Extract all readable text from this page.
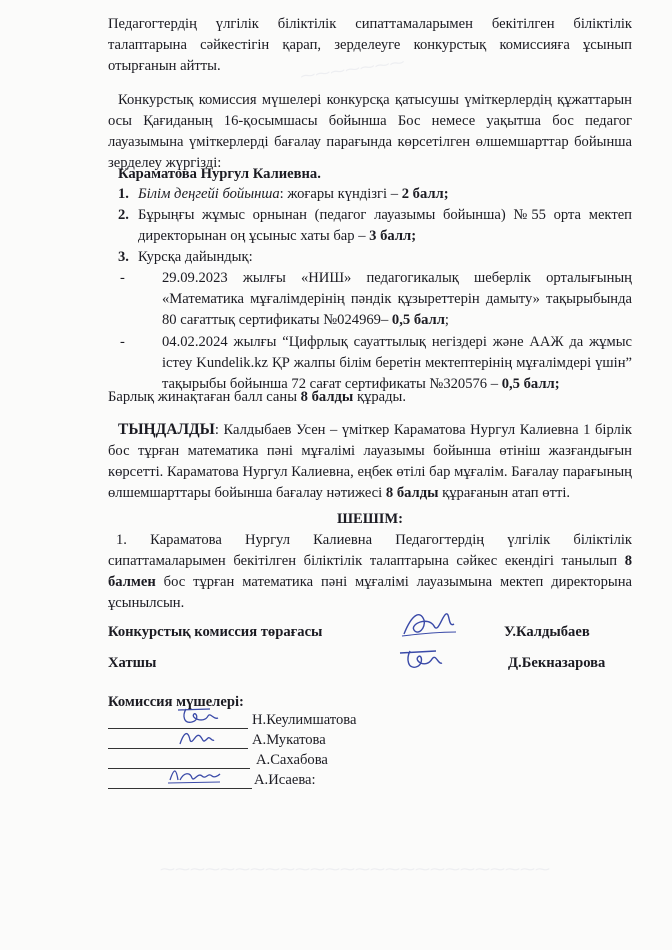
⁓⁓⁓⁓⁓⁓⁓
⁓⁓⁓⁓⁓⁓⁓⁓⁓⁓⁓⁓⁓⁓⁓⁓⁓⁓⁓⁓⁓⁓⁓⁓⁓⁓

Педагогтердің үлгілік біліктілік сипаттамаларымен бекітілген біліктілік талаптарына сәйкестігін қарап, зерделеуге конкурстық комиссияға ұсынып отырғанын айтты.

Конкурстық комиссия мүшелері конкурсқа қатысушы үміткерлердің құжаттарын осы Қағиданың 16-қосымшасы бойынша Бос немесе уақытша бос педагог лауазымына үміткерлерді бағалау парағында көрсетілген өлшемшарттар бойынша зерделеу жүргізді:

Караматова Нургул Калиевна.
1. Білім деңгейі бойынша: жоғары күндізгі – 2 балл;
2. Бұрыңғы жұмыс орнынан (педагог лауазымы бойынша) №55 орта мектеп директорынан оң ұсыныс хаты бар – 3 балл;
3. Курсқа дайындық:
-	29.09.2023 жылғы «НИШ» педагогикалық шеберлік орталығының «Математика мұғалімдерінің пәндік құзыреттерін дамыту» тақырыбында 80 сағаттық сертификаты №024969– 0,5 балл;
-	04.02.2024 жылғы “Цифрлық сауаттылық негіздері және ААЖ да жұмыс істеу Kundelik.kz ҚР жалпы білім беретін мектептерінің мұғалімдері үшін” тақырыбы бойынша 72 сағат сертификаты №320576 – 0,5 балл;

Барлық жинақтаған балл саны 8 балды құрады.

ТЫҢДАЛДЫ: Калдыбаев Усен – үміткер Караматова Нургул Калиевна 1 бірлік бос тұрған математика пәні мұғалімі лауазымы бойынша өтініш жазғандығын көрсетті. Караматова Нургул Калиевна, еңбек өтілі бар мұғалім. Бағалау парағының өлшемшарттары бойынша бағалау нәтижесі 8 балды құрағанын атап өтті.

ШЕШІМ:

1. Караматова Нургул Калиевна Педагогтердің үлгілік біліктілік сипаттамаларымен бекітілген біліктілік талаптарына сәйкес екендігі танылып 8 балмен бос тұрған математика пәні мұғалімі лауазымына мектеп директорына ұсынылсын.

Конкурстық комиссия төрағасы	У.Калдыбаев
Хатшы	Д.Бекназарова
Комиссия мүшелері:
Н.Кеулимшатова
А.Мукатова
А.Сахабова
А.Исаева:
